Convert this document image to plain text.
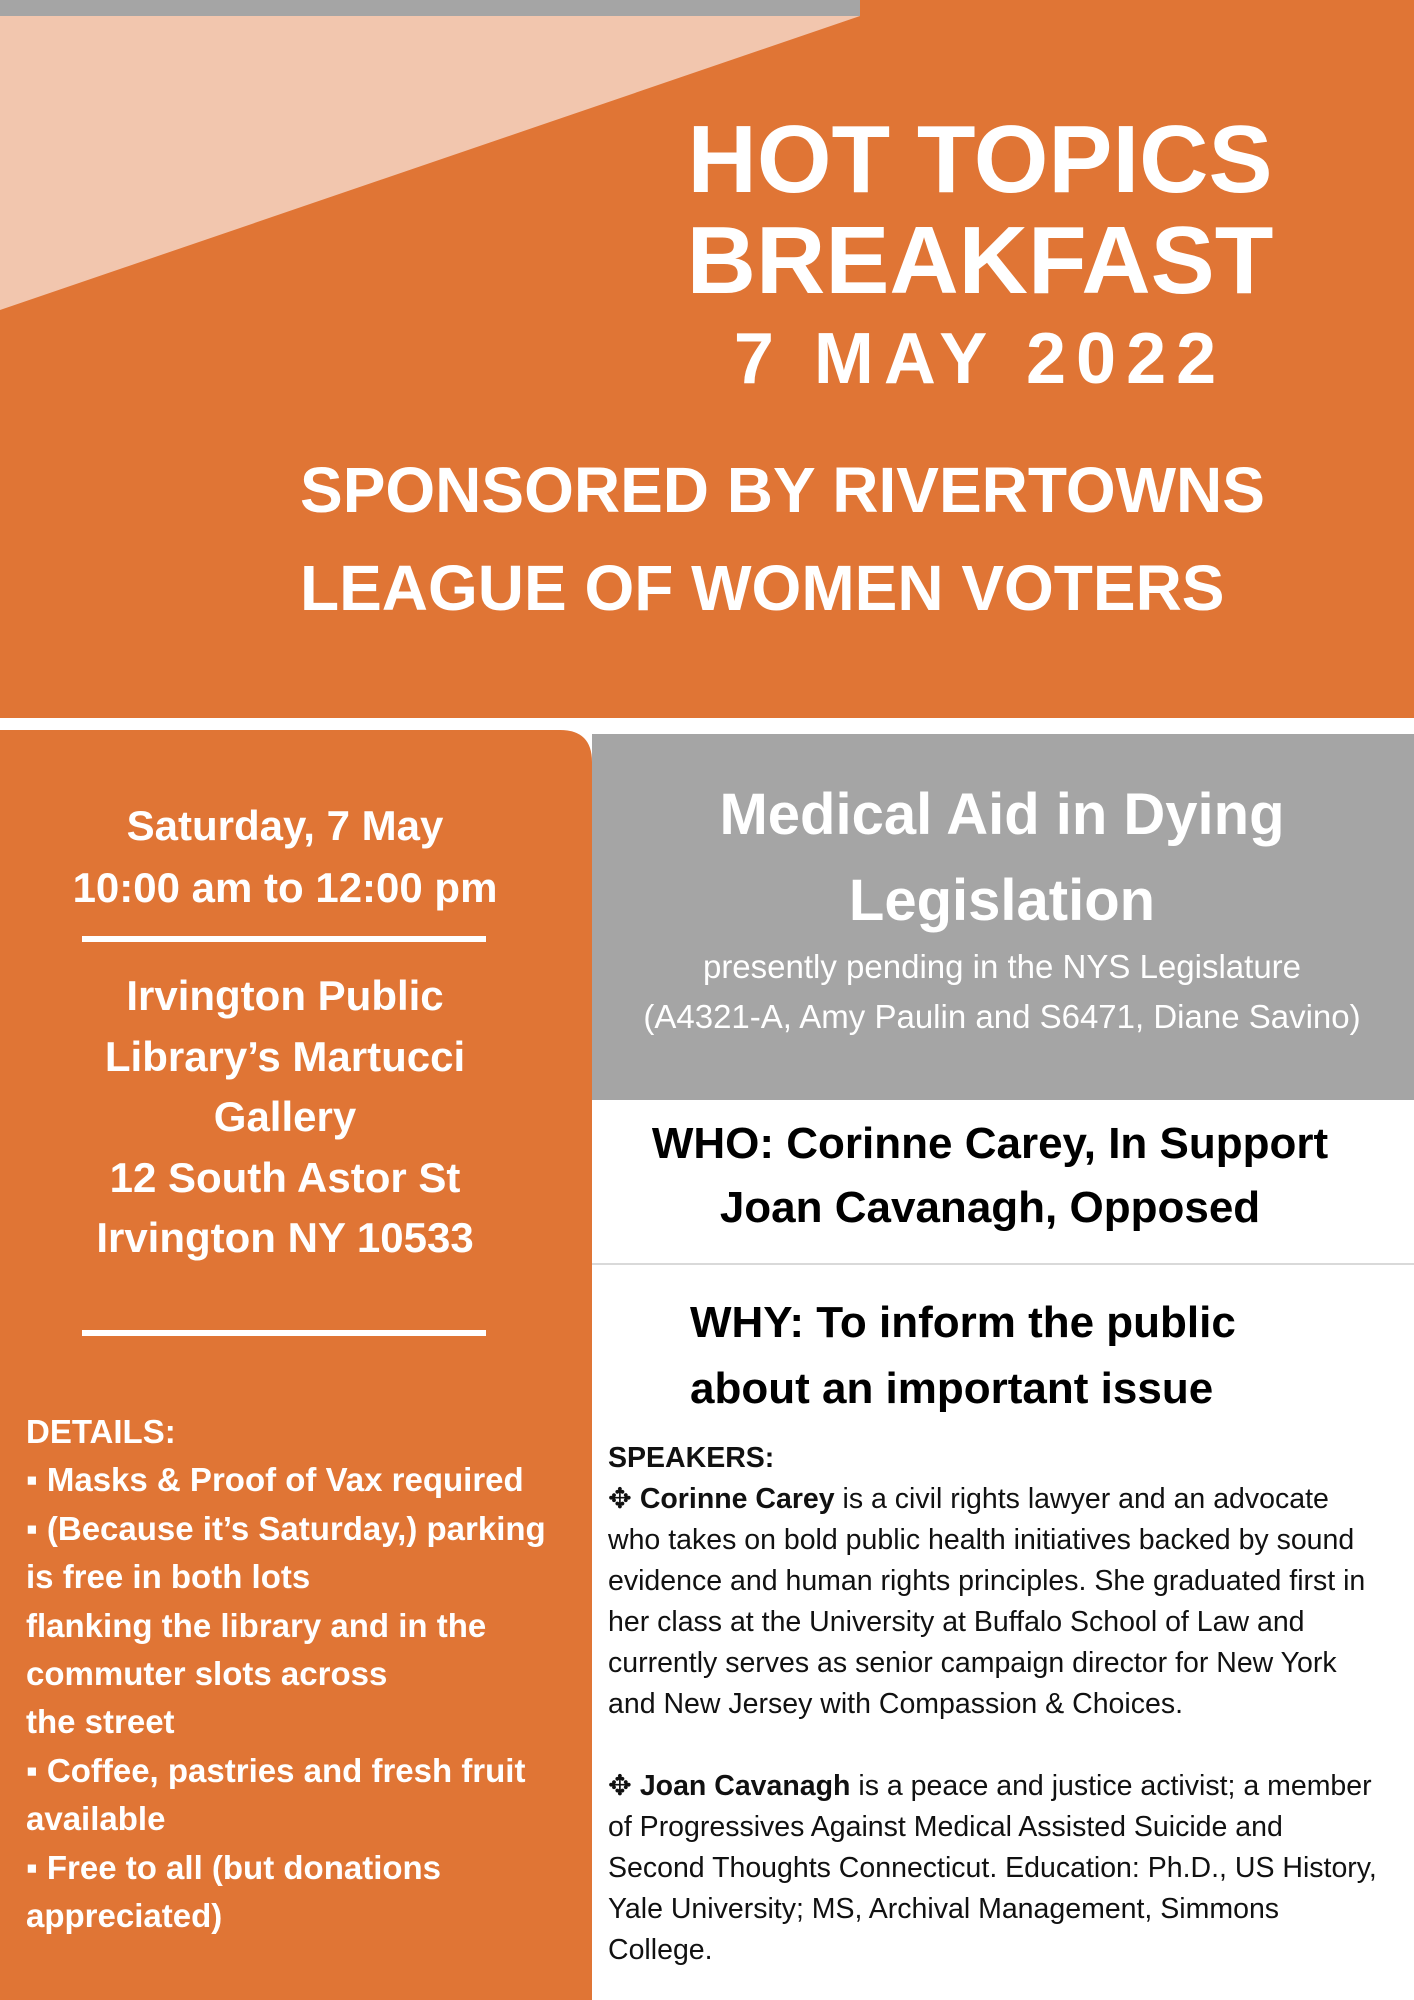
HOT TOPICS
BREAKFAST
7 MAY 2022
SPONSORED BY RIVERTOWNS
LEAGUE OF WOMEN VOTERS
Saturday, 7 May
10:00 am to 12:00 pm
Irvington Public
Library’s Martucci
Gallery
12 South Astor St
Irvington NY 10533
DETAILS:
▪ Masks & Proof of Vax required
▪ (Because it’s Saturday,) parking
is free in both lots
flanking the library and in the
commuter slots across
the street
▪ Coffee, pastries and fresh fruit
available
▪ Free to all (but donations
appreciated)
Medical Aid in Dying
Legislation
presently pending in the NYS Legislature
(A4321-A, Amy Paulin and S6471, Diane Savino)
WHO: Corinne Carey, In Support
Joan Cavanagh, Opposed
WHY: To inform the public
about an important issue
SPEAKERS:
✥ Corinne Carey is a civil rights lawyer and an advocate
who takes on bold public health initiatives backed by sound
evidence and human rights principles. She graduated first in
her class at the University at Buffalo School of Law and
currently serves as senior campaign director for New York
and New Jersey with Compassion & Choices.
✥ Joan Cavanagh is a peace and justice activist; a member
of Progressives Against Medical Assisted Suicide and
Second Thoughts Connecticut. Education: Ph.D., US History,
Yale University; MS, Archival Management, Simmons
College.
